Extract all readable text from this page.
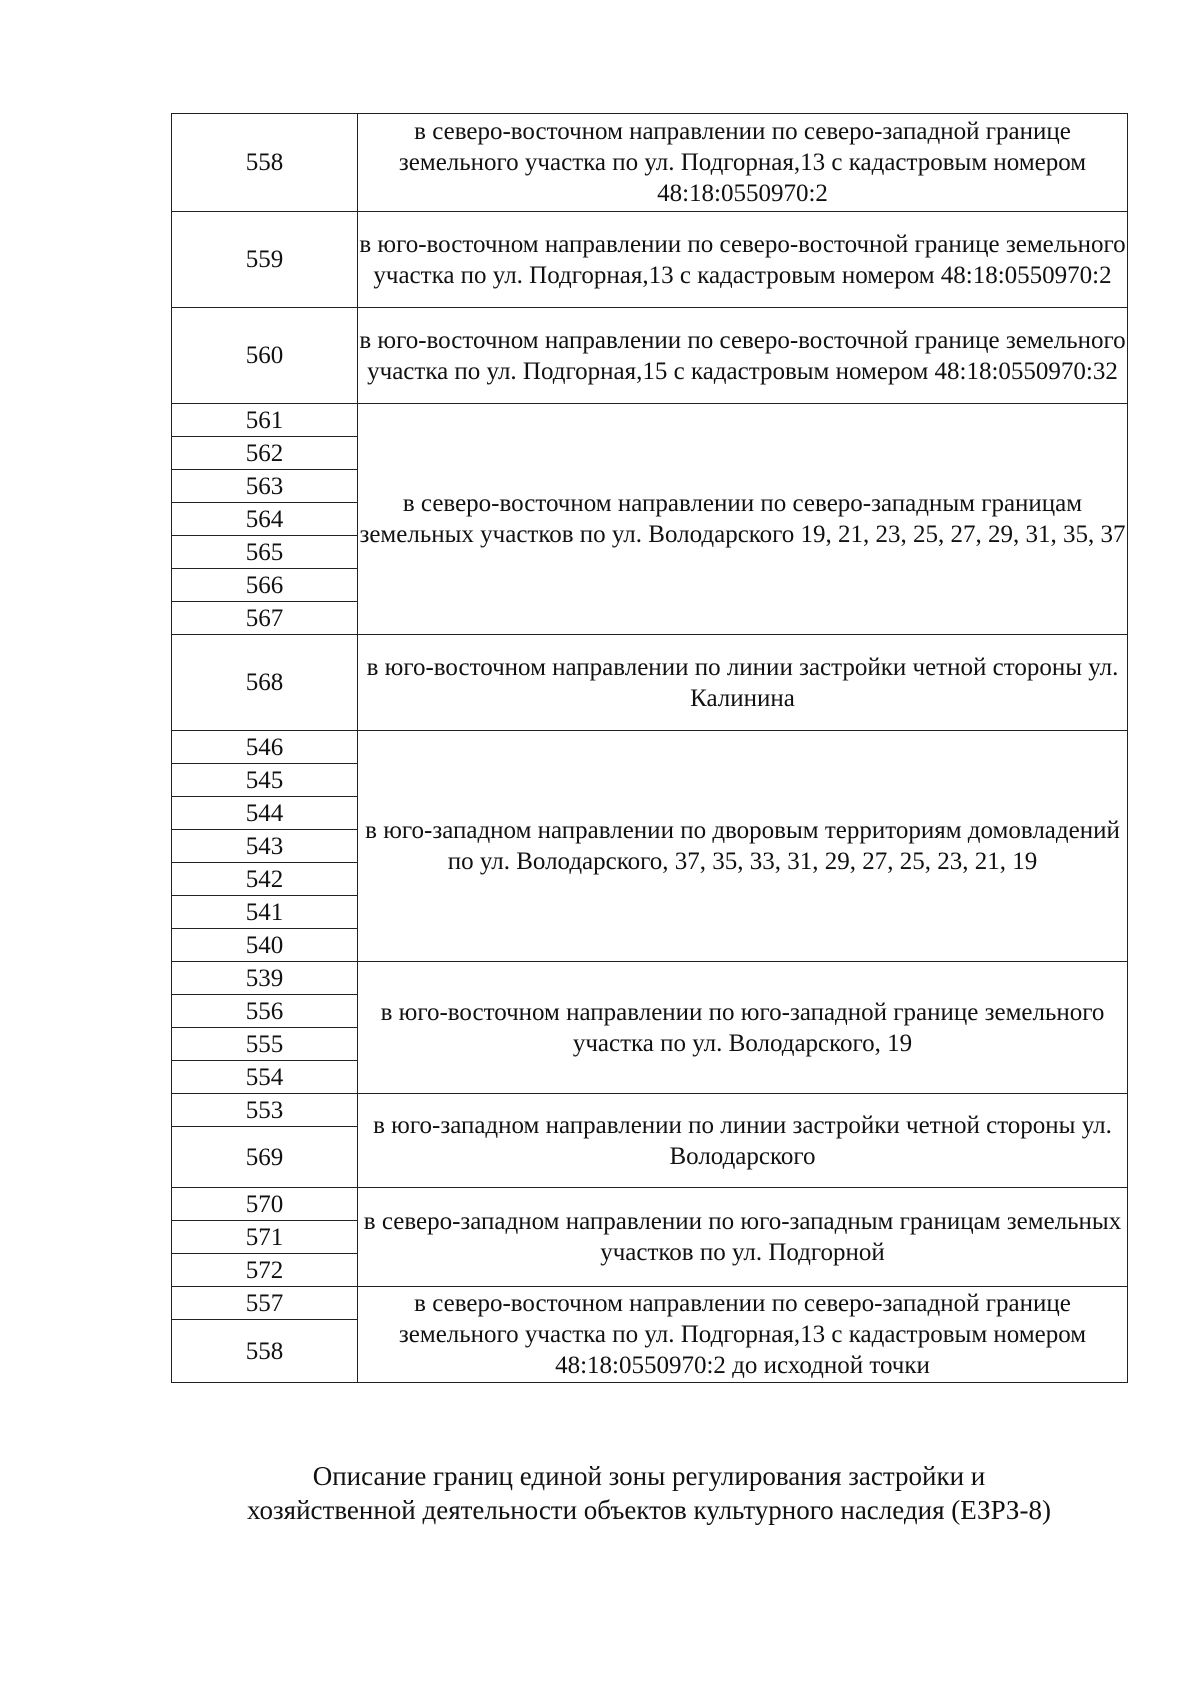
558	в северо-восточном направлении по северо-западной границе земельного участка по ул. Подгорная,13 с кадастровым номером 48:18:0550970:2
559	в юго-восточном направлении по северо-восточной границе земельного участка по ул. Подгорная,13 с кадастровым номером 48:18:0550970:2
560	в юго-восточном направлении по северо-восточной границе земельного участка по ул. Подгорная,15 с кадастровым номером 48:18:0550970:32
561	в северо-восточном направлении по северо-западным границам земельных участков по ул. Володарского 19, 21, 23, 25, 27, 29, 31, 35, 37
562	
563	
564	
565	
566	
567	
568	в юго-восточном направлении по линии застройки четной стороны ул. Калинина
546	в юго-западном направлении по дворовым территориям домовладений по ул. Володарского, 37, 35, 33, 31, 29, 27, 25, 23, 21, 19
545	
544	
543	
542	
541	
540	
539	в юго-восточном направлении по юго-западной границе земельного участка по ул. Володарского, 19
556	
555	
554	
553	в юго-западном направлении по линии застройки четной стороны ул. Володарского
569	
570	в северо-западном направлении по юго-западным границам земельных участков по ул. Подгорной
571	
572	
557	в северо-восточном направлении по северо-западной границе земельного участка по ул. Подгорная,13 с кадастровым номером 48:18:0550970:2 до исходной точки
558	
Описание границ единой зоны регулирования застройки и
хозяйственной деятельности объектов культурного наследия (ЕЗРЗ-8)
